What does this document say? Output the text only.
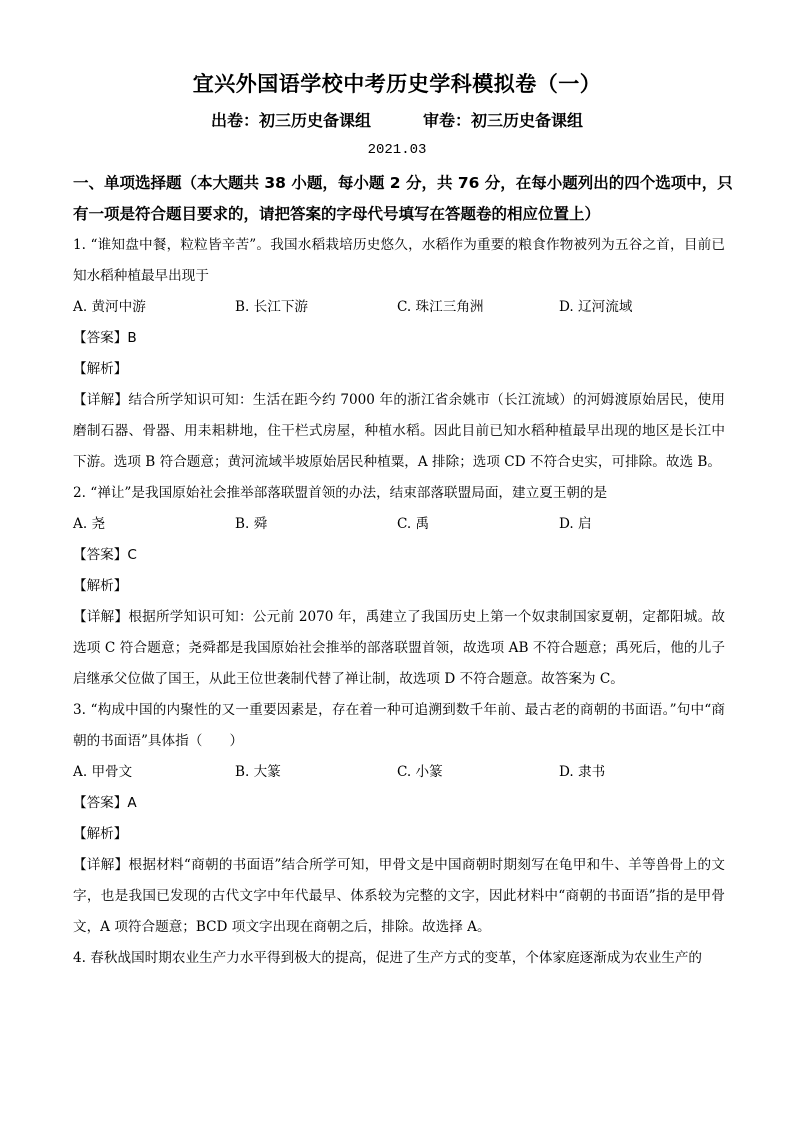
宜兴外国语学校中考历史学科模拟卷（一）
出卷：初三历史备课组	审卷：初三历史备课组
2021.03
一、单项选择题（本大题共 38 小题，每小题 2 分，共 76 分，在每小题列出的四个选项中，只有一项是符合题目要求的，请把答案的字母代号填写在答题卷的相应位置上）

1. “谁知盘中餐，粒粒皆辛苦”。我国水稻栽培历史悠久，水稻作为重要的粮食作物被列为五谷之首，目前已知水稻种植最早出现于

A. 黄河中游	B. 长江下游	C. 珠江三角洲	D. 辽河流域

【答案】B

【解析】

【详解】结合所学知识可知：生活在距今约 7000 年的浙江省余姚市（长江流域）的河姆渡原始居民，使用磨制石器、骨器、用耒耜耕地，住干栏式房屋，种植水稻。因此目前已知水稻种植最早出现的地区是长江中下游。选项 B 符合题意；黄河流域半坡原始居民种植粟，A 排除；选项 CD 不符合史实，可排除。故选 B。

2. “禅让”是我国原始社会推举部落联盟首领的办法，结束部落联盟局面，建立夏王朝的是

A. 尧	B. 舜	C. 禹	D. 启

【答案】C

【解析】

【详解】根据所学知识可知：公元前 2070 年，禹建立了我国历史上第一个奴隶制国家夏朝，定都阳城。故选项 C 符合题意；尧舜都是我国原始社会推举的部落联盟首领，故选项 AB 不符合题意；禹死后，他的儿子启继承父位做了国王，从此王位世袭制代替了禅让制，故选项 D 不符合题意。故答案为 C。

3. “构成中国的内聚性的又一重要因素是，存在着一种可追溯到数千年前、最古老的商朝的书面语。”句中“商朝的书面语”具体指（　　）

A. 甲骨文	B. 大篆	C. 小篆	D. 隶书

【答案】A

【解析】

【详解】根据材料“商朝的书面语”结合所学可知，甲骨文是中国商朝时期刻写在龟甲和牛、羊等兽骨上的文字，也是我国已发现的古代文字中年代最早、体系较为完整的文字，因此材料中“商朝的书面语”指的是甲骨文，A 项符合题意；BCD 项文字出现在商朝之后，排除。故选择 A。

4. 春秋战国时期农业生产力水平得到极大的提高，促进了生产方式的变革，个体家庭逐渐成为农业生产的
